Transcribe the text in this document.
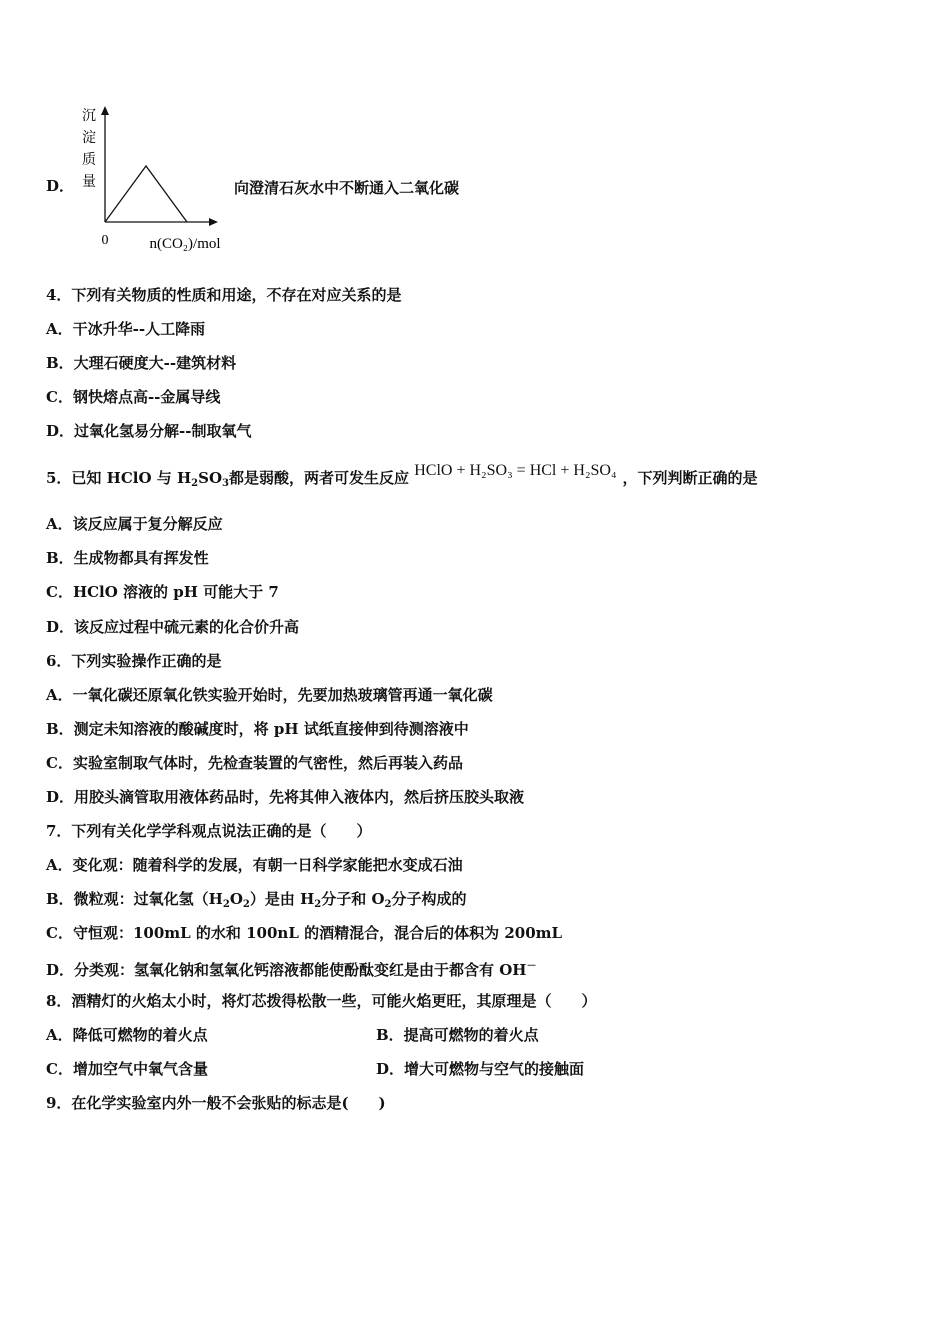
D．
沉淀质量
0	n(CO₂)/mol
向澄清石灰水中不断通入二氧化碳
4．下列有关物质的性质和用途，不存在对应关系的是
A．干冰升华--人工降雨
B．大理石硬度大--建筑材料
C．钢快熔点高--金属导线
D．过氧化氢易分解--制取氧气
5．已知 HClO 与 $H_2SO_3$都是弱酸，两者可发生反应 HClO + H₂SO₃ = HCl + H₂SO₄ ，下列判断正确的是
A．该反应属于复分解反应
B．生成物都具有挥发性
C．HClO 溶液的 pH 可能大于 7
D．该反应过程中硫元素的化合价升高
6．下列实验操作正确的是
A．一氧化碳还原氧化铁实验开始时，先要加热玻璃管再通一氧化碳
B．测定未知溶液的酸碱度时，将 pH 试纸直接伸到待测溶液中
C．实验室制取气体时，先检查装置的气密性，然后再装入药品
D．用胶头滴管取用液体药品时，先将其伸入液体内，然后挤压胶头取液
7．下列有关化学学科观点说法正确的是（　　）
A．变化观：随着科学的发展，有朝一日科学家能把水变成石油
B．微粒观：过氧化氢$(H_2O_2)$是由 $H_2$分子和 $O_2$分子构成的
C．守恒观：100mL 的水和 100nL 的酒精混合，混合后的体积为 200mL
D．分类观：氢氧化钠和氢氧化钙溶液都能使酚酞变红是由于都含有 OH－
8．酒精灯的火焰太小时，将灯芯拨得松散一些，可能火焰更旺，其原理是（　　）
A．降低可燃物的着火点	B．提高可燃物的着火点
C．增加空气中氧气含量	D．增大可燃物与空气的接触面
9．在化学实验室内外一般不会张贴的标志是(　　)
